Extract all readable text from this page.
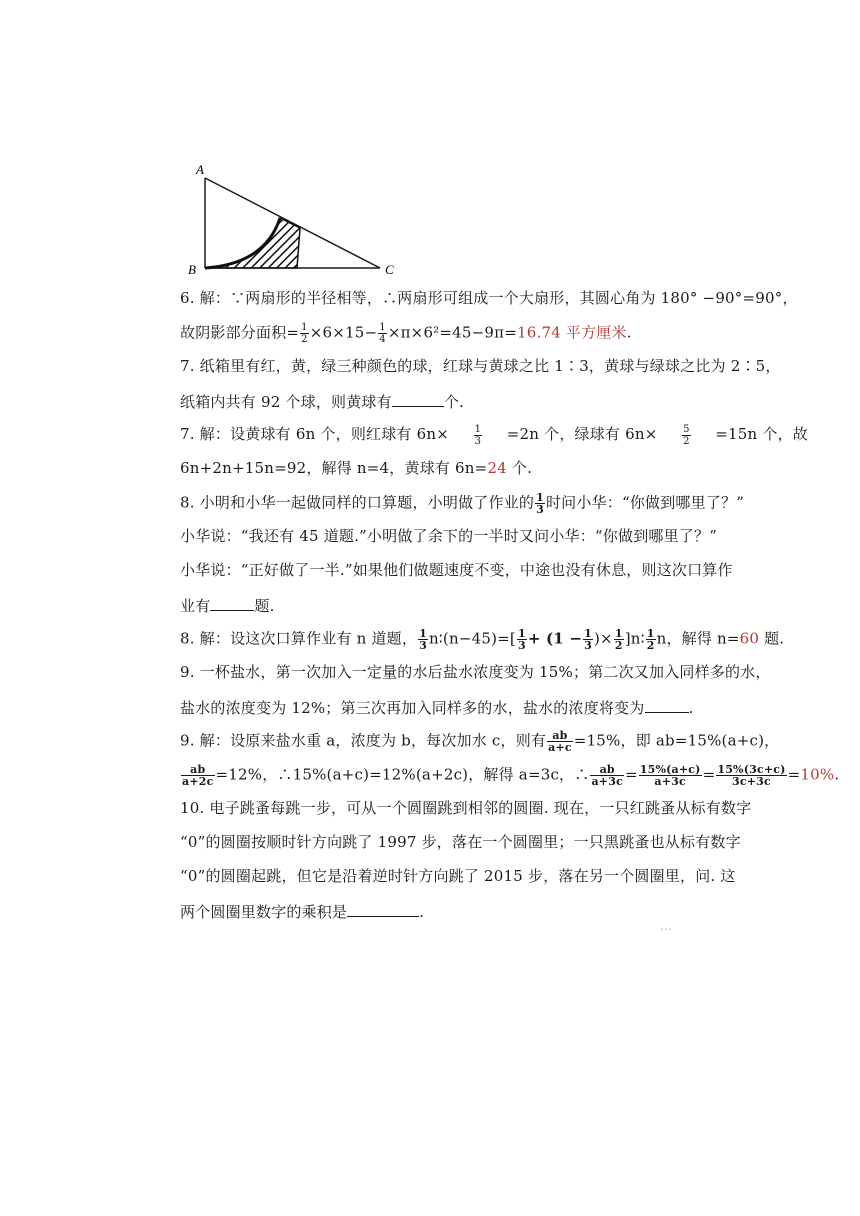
A
B	C
6. 解：∵两扇形的半径相等，∴两扇形可组成一个大扇形，其圆心角为 180° −90°=90°，
故阴影部分面积= $\frac{1}{2} \times 6\times 15- \frac{1}{4} \times\pi\times 6^2=45-9\pi=16.74$ 平方厘米.
7. 纸箱里有红，黄，绿三种颜色的球，红球与黄球之比 1∶3，黄球与绿球之比为 2∶5，
纸箱内共有 92 个球，则黄球有	个.
7. 解：设黄球有 6n 个，则红球有 $6n\times \frac{1}{3} =2n$ 个，绿球有 $6n\times \frac{5}{2} =15n$ 个，故
6n+2n+15n=92，解得 n=4，黄球有 6n=24 个.
8. 小明和小华一起做同样的口算题，小明做了作业的 $\frac{1}{3}$ 时问小华：“你做到哪里了？”
小华说：“我还有 45 道题.”小明做了余下的一半时又问小华：“你做到哪里了？”
小华说：“正好做了一半.”如果他们做题速度不变，中途也没有休息，则这次口算作
业有	题.
8. 解：设这次口算作业有 n 道题， $\frac{1}{3}$ n∶(n−45)=[ $\frac{1}{3} + (1 - \frac{1}{3}$ )× $\frac{1}{2}$ ]n∶ $\frac{1}{2}$ n，解得 n=60 题.
9. 一杯盐水，第一次加入一定量的水后盐水浓度变为 15%；第二次又加入同样多的水，
盐水的浓度变为 12%；第三次再加入同样多的水，盐水的浓度将变为	.
9. 解：设原来盐水重 a，浓度为 b，每次加水 c，则有 $\frac{ab}{a+c} =15\%$，即 ab=15%(a+c)，
$\frac{ab}{a+2c} =12\%$，∴15%(a+c)=12%(a+2c)，解得 a=3c，∴ $\frac{ab}{a+3c} = \frac{15\%(a+c)}{a+3c} = \frac{15\%(3c+c)}{3c+3c} =10\%$.
10. 电子跳蚤每跳一步，可从一个圆圈跳到相邻的圆圈. 现在，一只红跳蚤从标有数字
“0”的圆圈按顺时针方向跳了 1997 步，落在一个圆圈里；一只黑跳蚤也从标有数字
“0”的圆圈起跳，但它是沿着逆时针方向跳了 2015 步，落在另一个圆圈里，问. 这
两个圆圈里数字的乘积是	.
⋯
